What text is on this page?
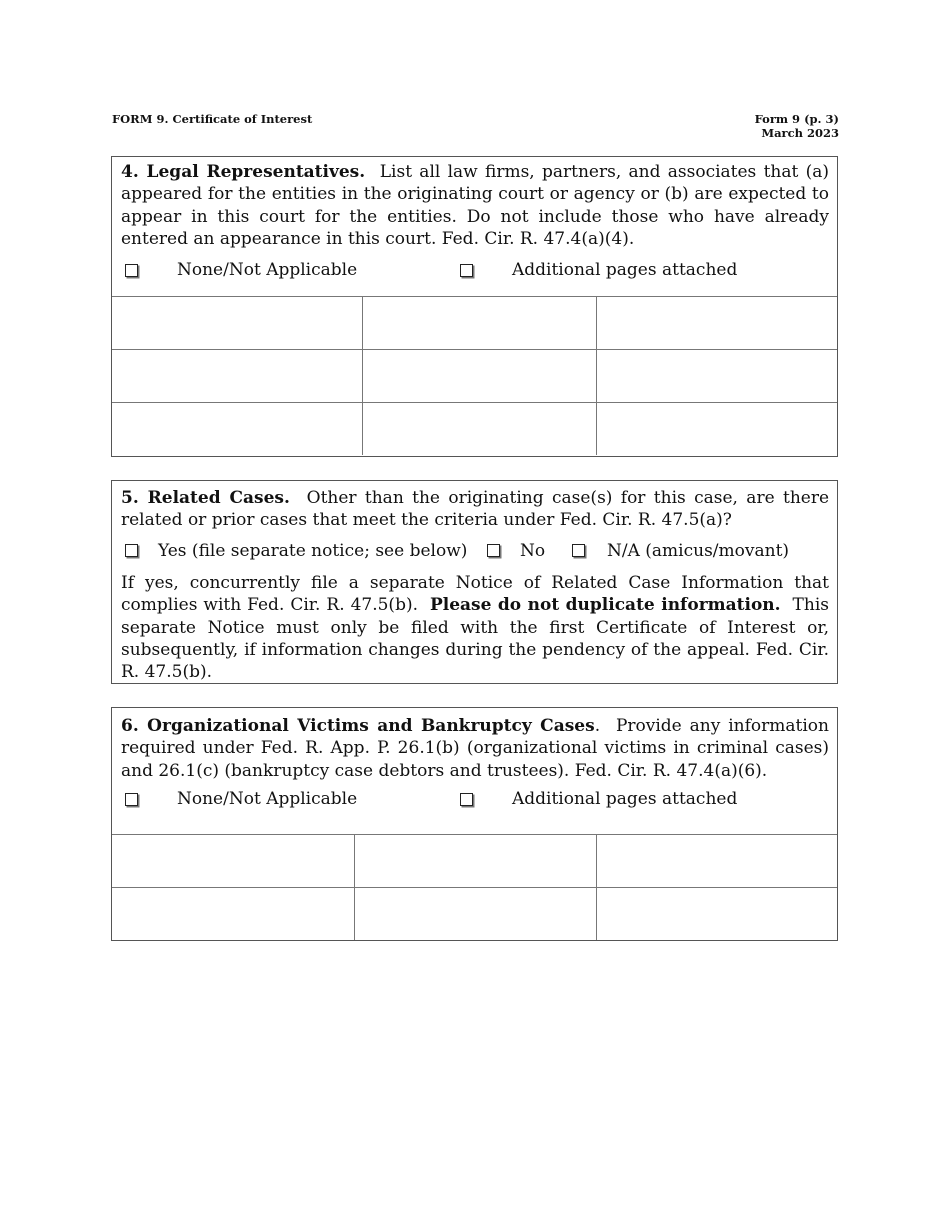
FORM 9. Certificate of Interest	Form 9 (p. 3)
March 2023
4. Legal Representatives. List all law firms, partners, and associates that (a) appeared for the entities in the originating court or agency or (b) are expected to appear in this court for the entities. Do not include those who have already entered an appearance in this court. Fed. Cir. R. 47.4(a)(4).
None/Not Applicable	Additional pages attached

5. Related Cases. Other than the originating case(s) for this case, are there related or prior cases that meet the criteria under Fed. Cir. R. 47.5(a)?
Yes (file separate notice; see below)	No	N/A (amicus/movant)
If yes, concurrently file a separate Notice of Related Case Information that complies with Fed. Cir. R. 47.5(b). Please do not duplicate information. This separate Notice must only be filed with the first Certificate of Interest or, subsequently, if information changes during the pendency of the appeal. Fed. Cir. R. 47.5(b).
6. Organizational Victims and Bankruptcy Cases.  Provide any information required under Fed. R. App. P. 26.1(b) (organizational victims in criminal cases) and 26.1(c) (bankruptcy case debtors and trustees). Fed. Cir. R. 47.4(a)(6).
None/Not Applicable	Additional pages attached
